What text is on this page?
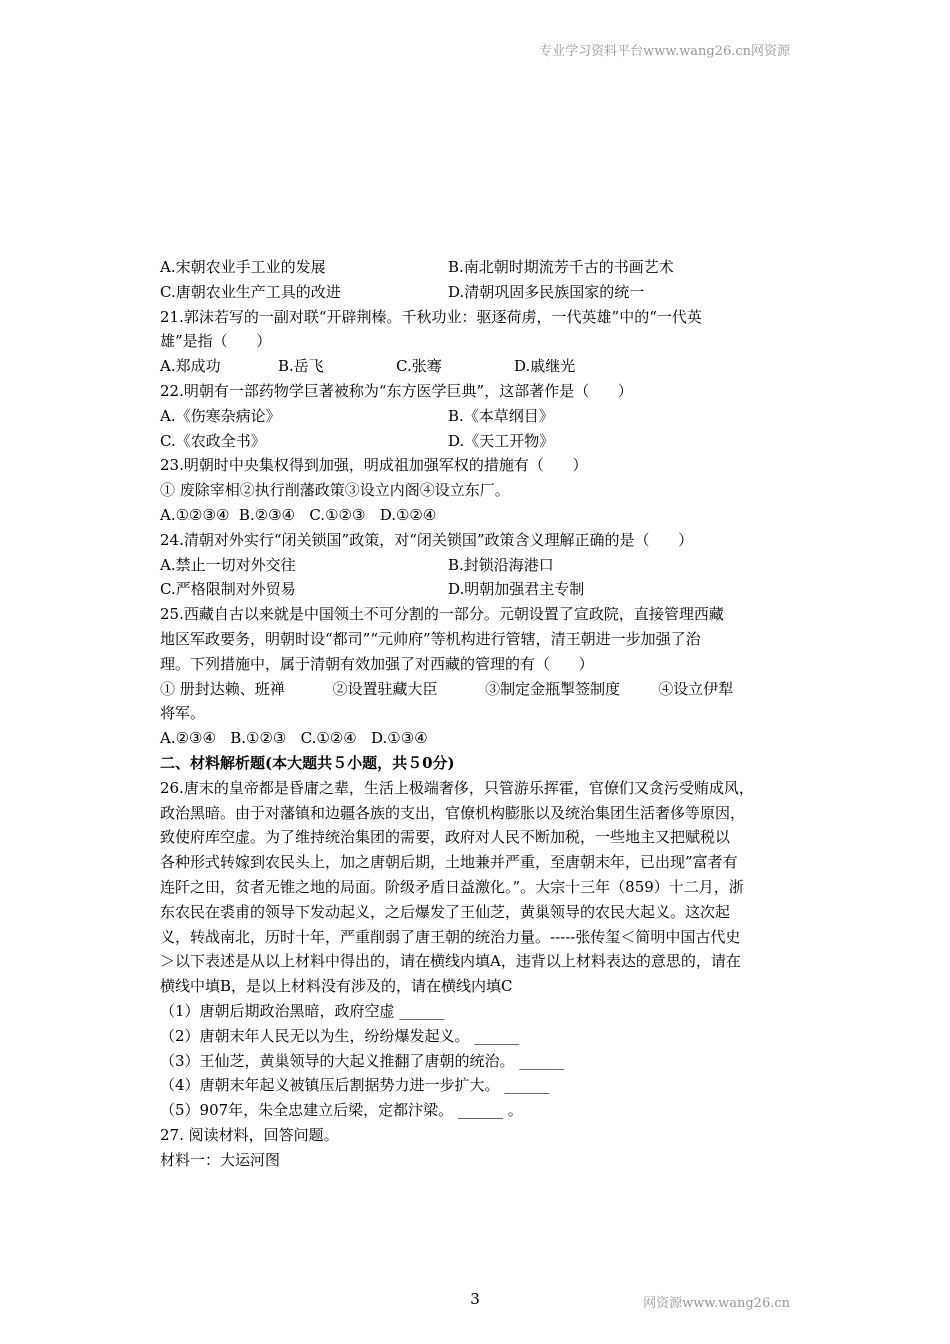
专业学习资料平台www.wang26.cn网资源
A.宋朝农业手工业的发展	B.南北朝时期流芳千古的书画艺术
C.唐朝农业生产工具的改进	D.清朝巩固多民族国家的统一
21.郭沫若写的一副对联“开辟荆榛。千秋功业：驱逐荷虏，一代英雄”中的“一代英
雄”是指（      ）
A.郑成功	B.岳飞	C.张骞	D.戚继光
22.明朝有一部药物学巨著被称为“东方医学巨典”，这部著作是（      ）
A.《伤寒杂病论》	B.《本草纲目》
C.《农政全书》	D.《天工开物》
23.明朝时中央集权得到加强，明成祖加强军权的措施有（      ）
① 废除宰相②执行削藩政策③设立内阁④设立东厂。
A.①②③④  B.②③④   C.①②③   D.①②④
24.清朝对外实行“闭关锁国”政策，对“闭关锁国”政策含义理解正确的是（      ）
A.禁止一切对外交往	B.封锁沿海港口
C.严格限制对外贸易	D.明朝加强君主专制
25.西藏自古以来就是中国领土不可分割的一部分。元朝设置了宣政院，直接管理西藏
地区军政要务，明朝时设“都司”“元帅府”等机构进行管辖，清王朝进一步加强了治
理。下列措施中，属于清朝有效加强了对西藏的管理的有（      ）
① 册封达赖、班禅          ②设置驻藏大臣          ③制定金瓶掣签制度        ④设立伊犁
将军。
A.②③④   B.①②③   C.①②④   D.①③④
二、材料解析题(本大题共５小题，共５0分)
26.唐末的皇帝都是昏庸之辈，生活上极端奢侈，只管游乐挥霍，官僚们又贪污受贿成风，
政治黑暗。由于对藩镇和边疆各族的支出，官僚机构膨胀以及统治集团生活奢侈等原因，
致使府库空虚。为了维持统治集团的需要，政府对人民不断加税，一些地主又把赋税以
各种形式转嫁到农民头上，加之唐朝后期，土地兼并严重，至唐朝末年，已出现”富者有
连阡之田，贫者无锥之地的局面。阶级矛盾日益激化。”。大宗十三年（859）十二月，浙
东农民在裘甫的领导下发动起义，之后爆发了王仙芝，黄巢领导的农民大起义。这次起
义，转战南北，历时十年，严重削弱了唐王朝的统治力量。-----张传玺＜简明中国古代史
＞以下表述是从以上材料中得出的，请在横线内填A，违背以上材料表达的意思的，请在
横线中填B，是以上材料没有涉及的，请在横线内填C
（1）唐朝后期政治黑暗，政府空虚 ______
（2）唐朝末年人民无以为生，纷纷爆发起义。 ______
（3）王仙芝，黄巢领导的大起义推翻了唐朝的统治。 ______
（4）唐朝末年起义被镇压后割据势力进一步扩大。 ______
（5）907年，朱全忠建立后梁，定都汴梁。 ______ 。
27. 阅读材料，回答问题。
材料一：大运河图
3	网资源www.wang26.cn
